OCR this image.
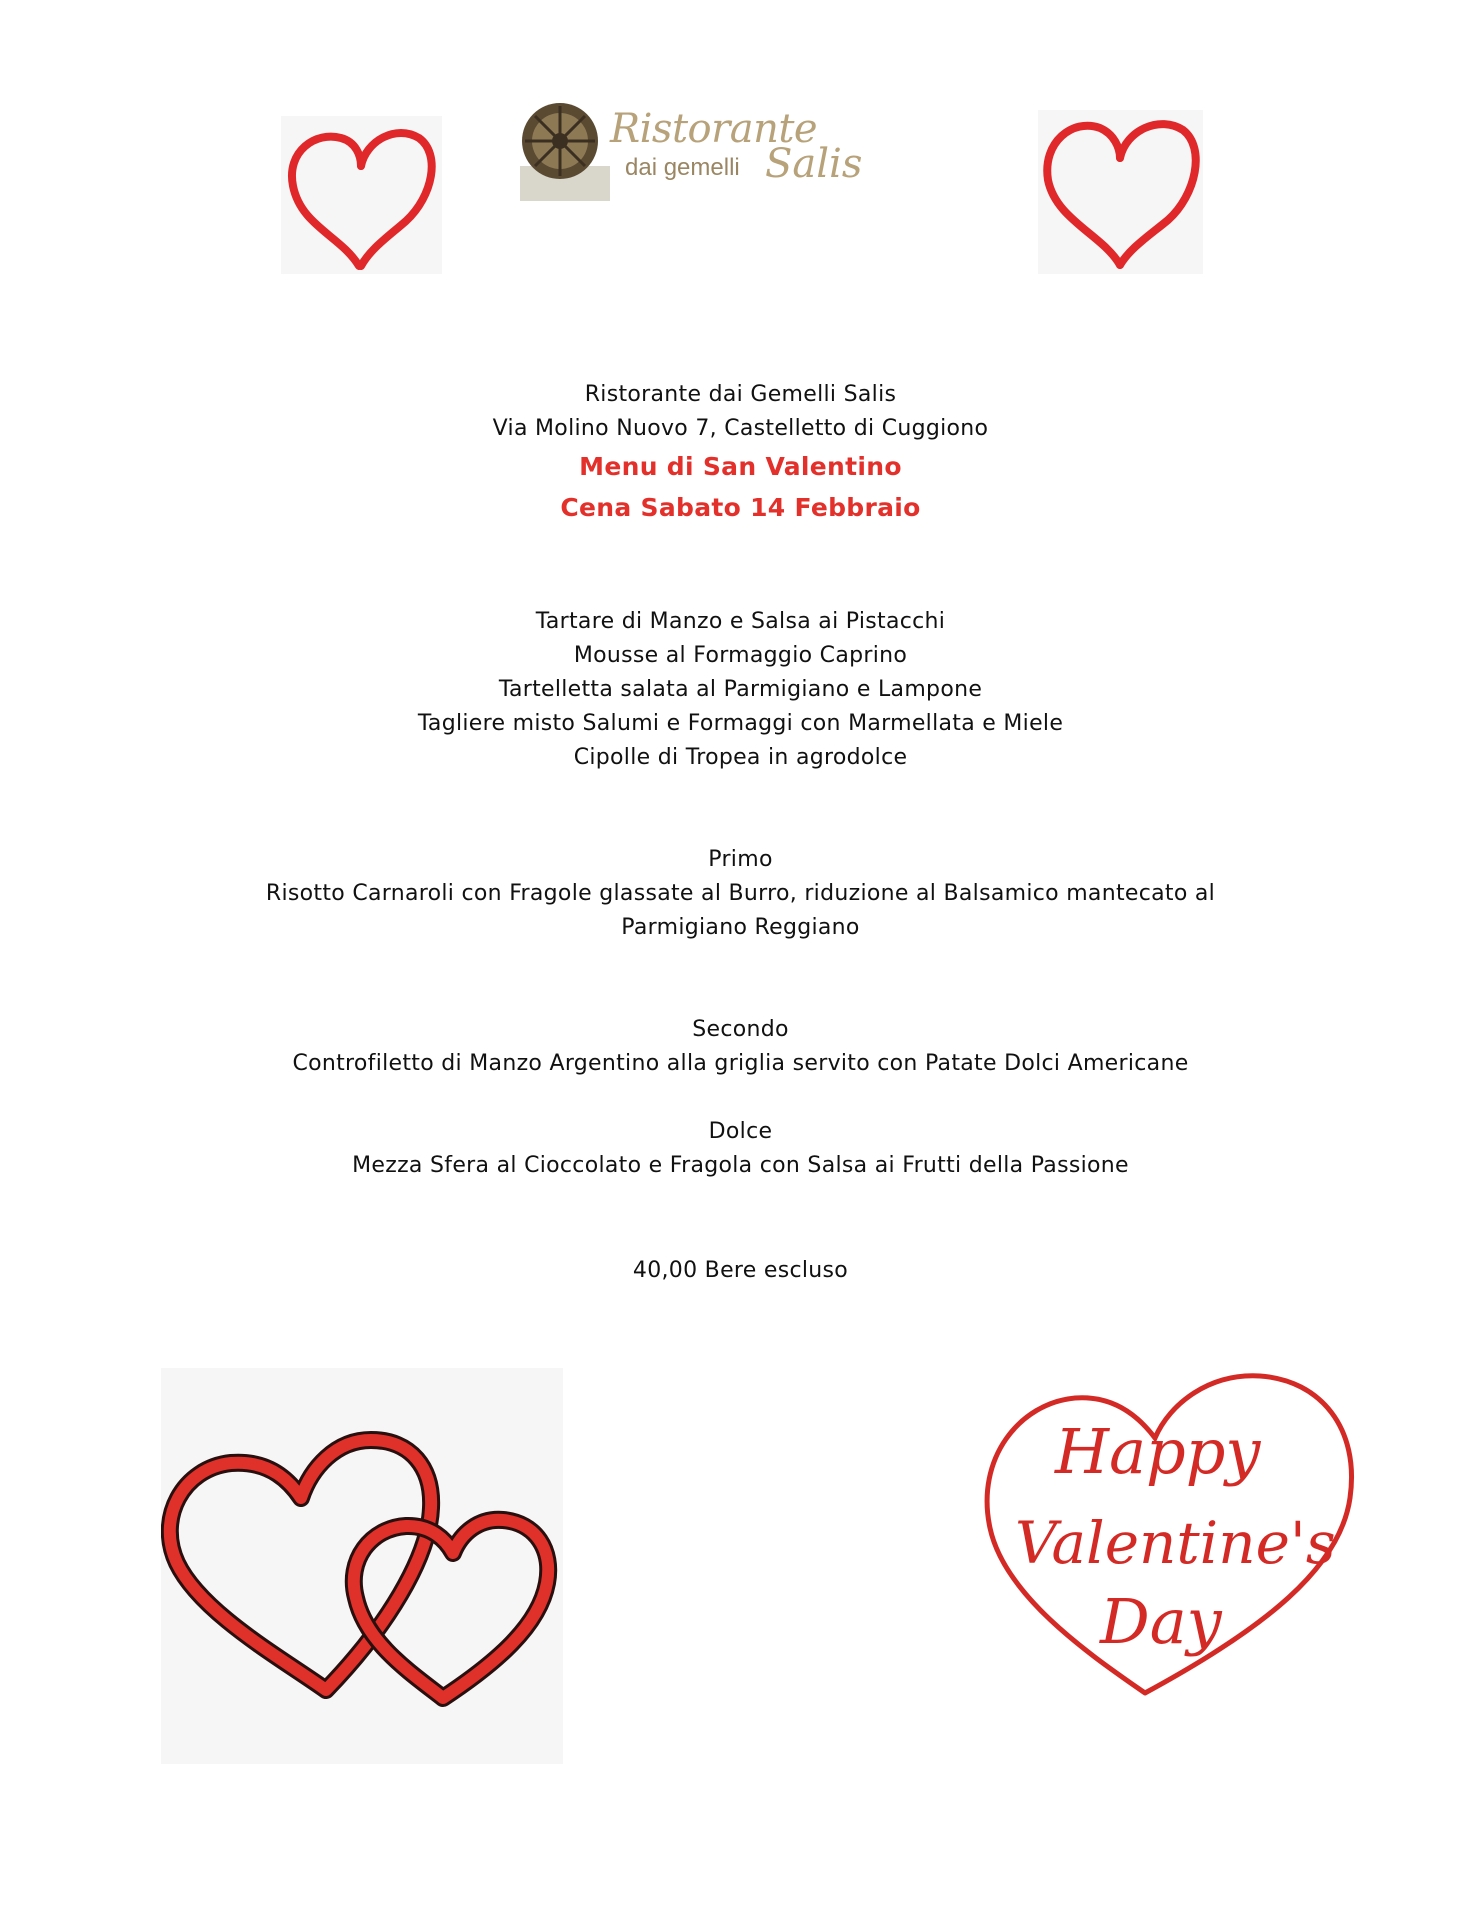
Ristorante
dai gemelli Salis
Ristorante dai Gemelli Salis
Via Molino Nuovo 7, Castelletto di Cuggiono
Menu di San Valentino
Cena Sabato 14 Febbraio
Tartare di Manzo e Salsa ai Pistacchi
Mousse al Formaggio Caprino
Tartelletta salata al Parmigiano e Lampone
Tagliere misto Salumi e Formaggi con Marmellata e Miele
Cipolle di Tropea in agrodolce
Primo
Risotto Carnaroli con Fragole glassate al Burro, riduzione al Balsamico mantecato al
Parmigiano Reggiano
Secondo
Controfiletto di Manzo Argentino alla griglia servito con Patate Dolci Americane
Dolce
Mezza Sfera al Cioccolato e Fragola con Salsa ai Frutti della Passione
40,00 Bere escluso
Happy
Valentine's
Day
